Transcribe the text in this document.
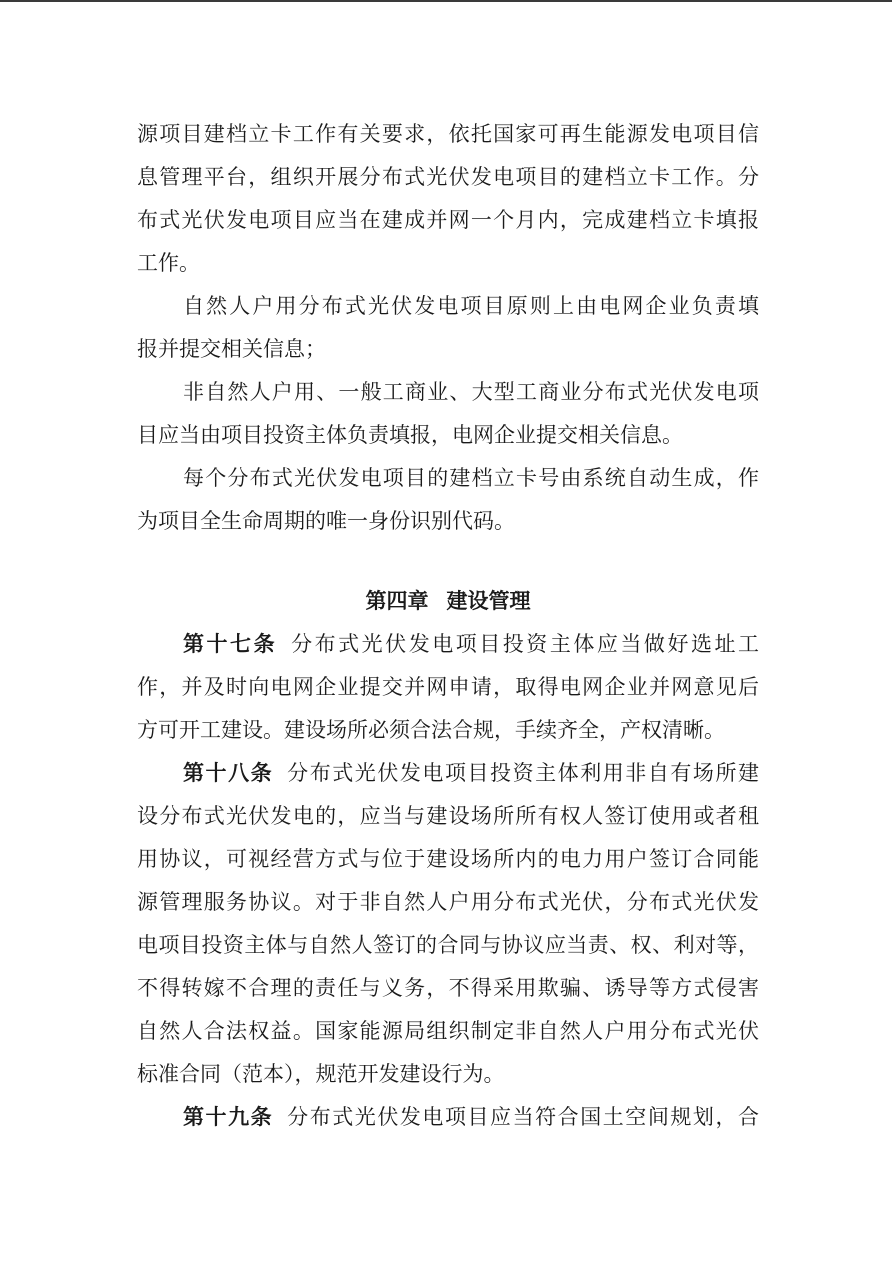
源项目建档立卡工作有关要求，依托国家可再生能源发电项目信
息管理平台，组织开展分布式光伏发电项目的建档立卡工作。分
布式光伏发电项目应当在建成并网一个月内，完成建档立卡填报
工作。
自然人户用分布式光伏发电项目原则上由电网企业负责填
报并提交相关信息；
非自然人户用、一般工商业、大型工商业分布式光伏发电项
目应当由项目投资主体负责填报，电网企业提交相关信息。
每个分布式光伏发电项目的建档立卡号由系统自动生成，作
为项目全生命周期的唯一身份识别代码。
第四章 建设管理
第十七条 分布式光伏发电项目投资主体应当做好选址工
作，并及时向电网企业提交并网申请，取得电网企业并网意见后
方可开工建设。建设场所必须合法合规，手续齐全，产权清晰。
第十八条 分布式光伏发电项目投资主体利用非自有场所建
设分布式光伏发电的，应当与建设场所所有权人签订使用或者租
用协议，可视经营方式与位于建设场所内的电力用户签订合同能
源管理服务协议。对于非自然人户用分布式光伏，分布式光伏发
电项目投资主体与自然人签订的合同与协议应当责、权、利对等，
不得转嫁不合理的责任与义务，不得采用欺骗、诱导等方式侵害
自然人合法权益。国家能源局组织制定非自然人户用分布式光伏
标准合同（范本），规范开发建设行为。
第十九条 分布式光伏发电项目应当符合国土空间规划，合
